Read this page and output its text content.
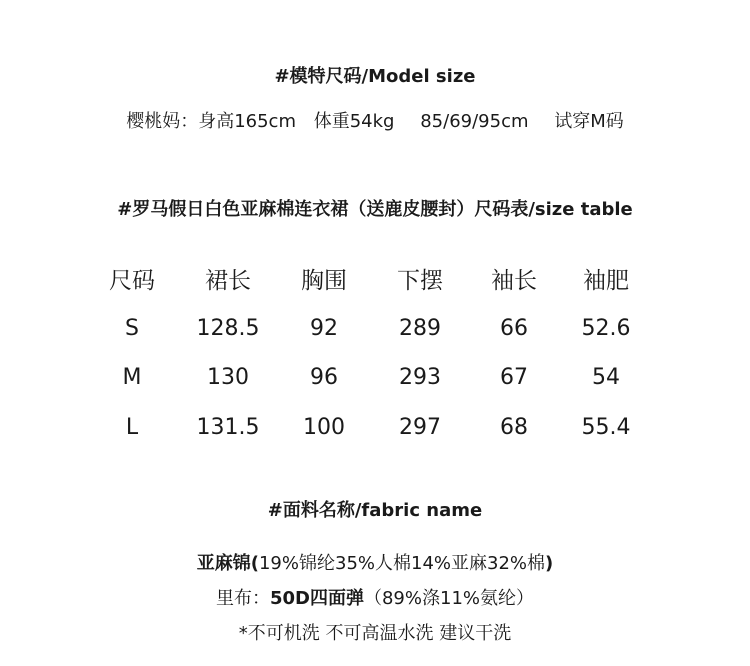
#模特尺码/Model size
樱桃妈：身高165cm 体重54kg 85/69/95cm 试穿M码
#罗马假日白色亚麻棉连衣裙（送鹿皮腰封）尺码表/size table
尺码	裙长	胸围	下摆	袖长	袖肥
S	128.5	92	289	66	52.6
M	130	96	293	67	54
L	131.5	100	297	68	55.4
#面料名称/fabric name
亚麻锦(19%锦纶35%人棉14%亚麻32%棉)
里布：50D四面弹（89%涤11%氨纶）
*不可机洗 不可高温水洗 建议干洗
